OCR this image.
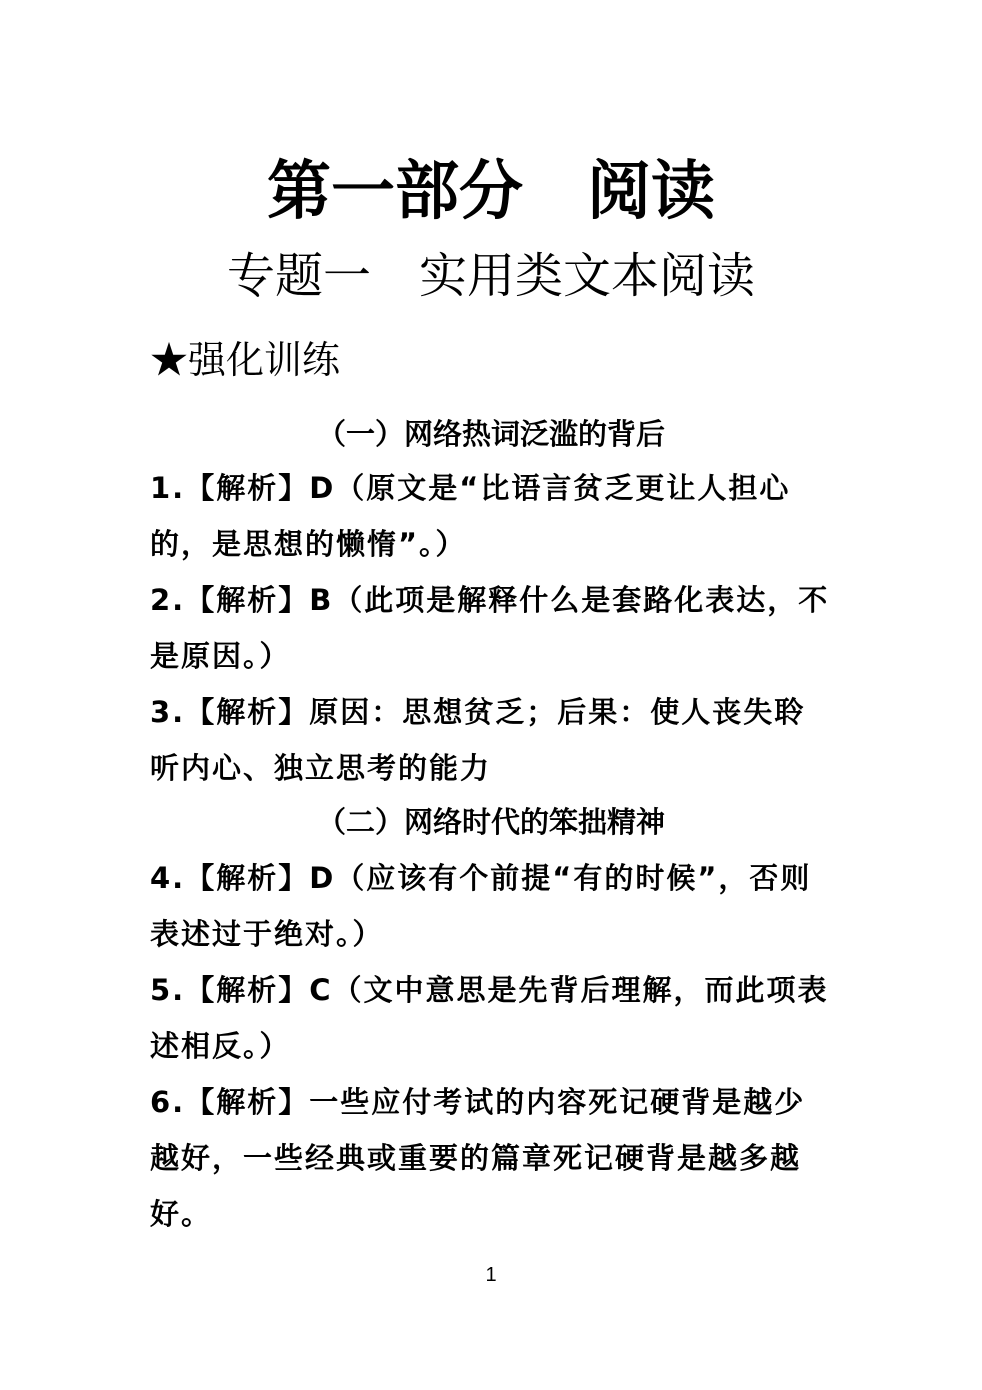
第一部分　阅读
专题一　实用类文本阅读
★强化训练
（一）网络热词泛滥的背后
1.【解析】D（原文是“比语言贫乏更让人担心的，是思想的懒惰”。）
2.【解析】B（此项是解释什么是套路化表达，不是原因。）
3.【解析】原因：思想贫乏；后果：使人丧失聆听内心、独立思考的能力
（二）网络时代的笨拙精神
4.【解析】D（应该有个前提“有的时候”，否则表述过于绝对。）
5.【解析】C（文中意思是先背后理解，而此项表述相反。）
6.【解析】一些应付考试的内容死记硬背是越少越好，一些经典或重要的篇章死记硬背是越多越好。
1
